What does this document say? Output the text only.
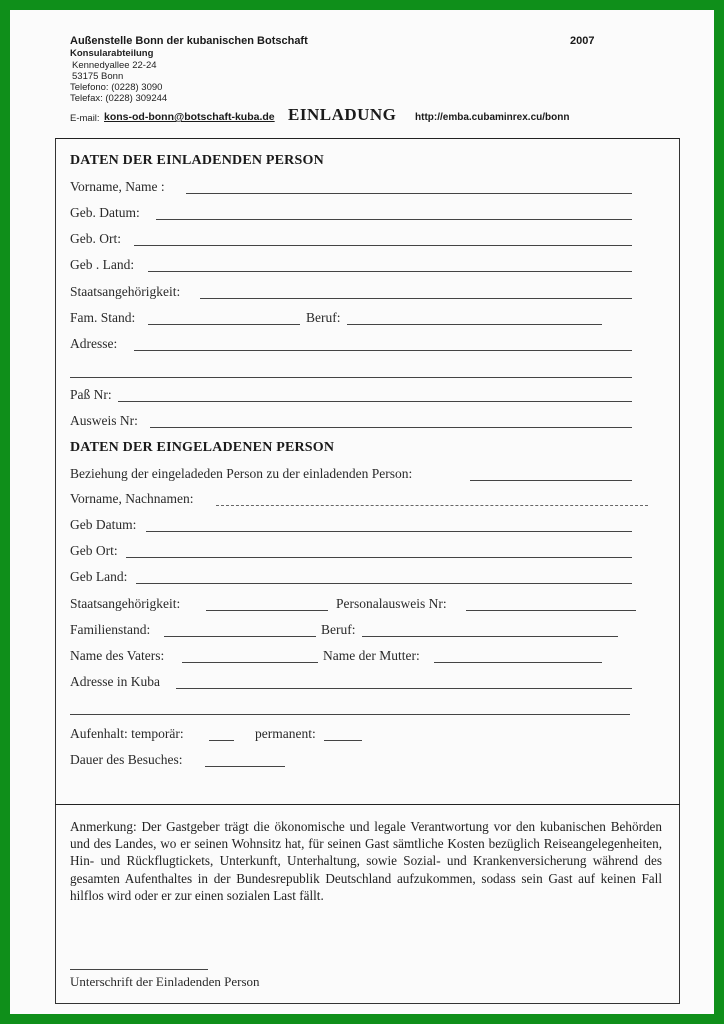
Außenstelle Bonn der kubanischen Botschaft	2007
Konsularabteilung
Kennedyallee 22-24
53175 Bonn
Telefono: (0228) 3090
Telefax: (0228) 309244
E-mail: kons-od-bonn@botschaft-kuba.de EINLADUNG http://emba.cubaminrex.cu/bonn
DATEN DER EINLADENDEN PERSON
Vorname, Name :
Geb. Datum:
Geb. Ort:
Geb . Land:
Staatsangehörigkeit:
Fam. Stand:	Beruf:
Adresse:
Paß Nr:
Ausweis Nr:
DATEN DER EINGELADENEN PERSON
Beziehung der eingeladeden Person zu der einladenden Person:
Vorname, Nachnamen:
Geb Datum:
Geb Ort:
Geb Land:
Staatsangehörigkeit:	Personalausweis Nr:
Familienstand:	Beruf:
Name des Vaters:	Name der Mutter:
Adresse in Kuba
Aufenhalt: temporär:	permanent:
Dauer des Besuches:
Anmerkung: Der Gastgeber trägt die ökonomische und legale Verantwortung vor den kubanischen Behörden und des Landes, wo er seinen Wohnsitz hat, für seinen Gast sämtliche Kosten bezüglich Reiseangelegenheiten, Hin- und Rückflugtickets, Unterkunft, Unterhaltung, sowie Sozial- und Krankenversicherung während des gesamten Aufenthaltes in der Bundesrepublik Deutschland aufzukommen, sodass sein Gast auf keinen Fall hilflos wird oder er zur einen sozialen Last fällt.
Unterschrift der Einladenden Person
